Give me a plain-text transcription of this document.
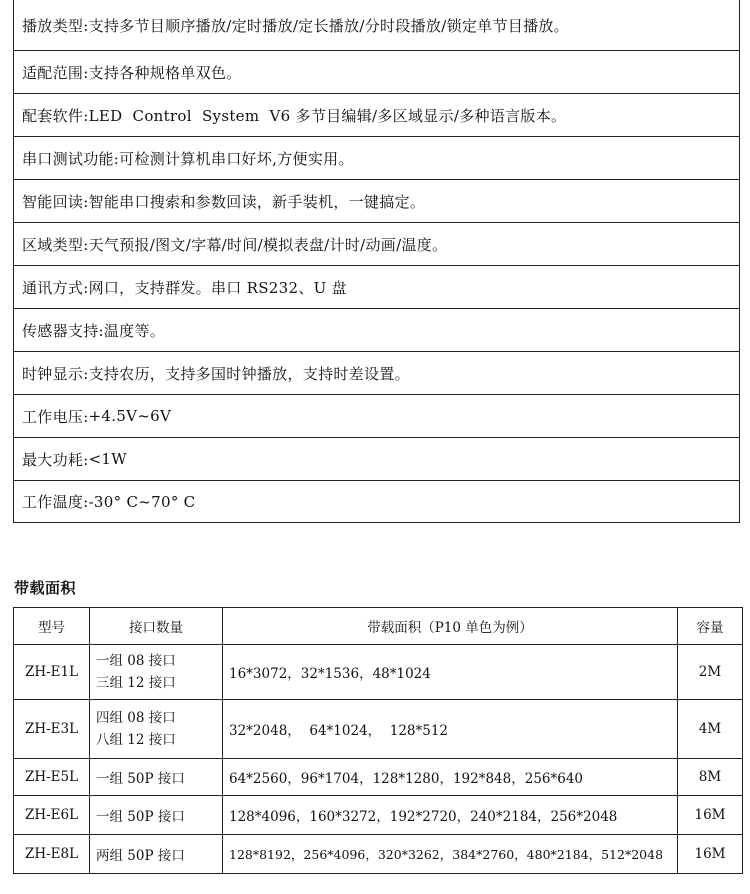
播放类型: 支持多节目顺序播放/定时播放/定长播放/分时段播放/锁定单节目播放。
适配范围: 支持各种规格单双色。
配套软件: LED  Control  System  V6 多节目编辑/多区域显示/多种语言版本。
串口测试功能: 可检测计算机串口好坏,方便实用。
智能回读: 智能串口搜索和参数回读，新手装机，一键搞定。
区域类型: 天气预报/图文/字幕/时间/模拟表盘/计时/动画/温度。
通讯方式: 网口，支持群发。串口 RS232、U 盘
传感器支持: 温度等。
时钟显示: 支持农历，支持多国时钟播放，支持时差设置。
工作电压: +4.5V~6V
最大功耗: <1W
工作温度: -30° C~70° C
带载面积
型号	接口数量	带载面积（P10 单色为例）	容量
ZH-E1L	一组 08 接口
三组 12 接口	16*3072，32*1536，48*1024	2M
ZH-E3L	四组 08 接口
八组 12 接口	32*2048，  64*1024，  128*512	4M
ZH-E5L	一组 50P 接口	64*2560，96*1704，128*1280，192*848，256*640	8M
ZH-E6L	一组 50P 接口	128*4096，160*3272，192*2720，240*2184，256*2048	16M
ZH-E8L	两组 50P 接口	128*8192，256*4096，320*3262，384*2760，480*2184，512*2048	16M
